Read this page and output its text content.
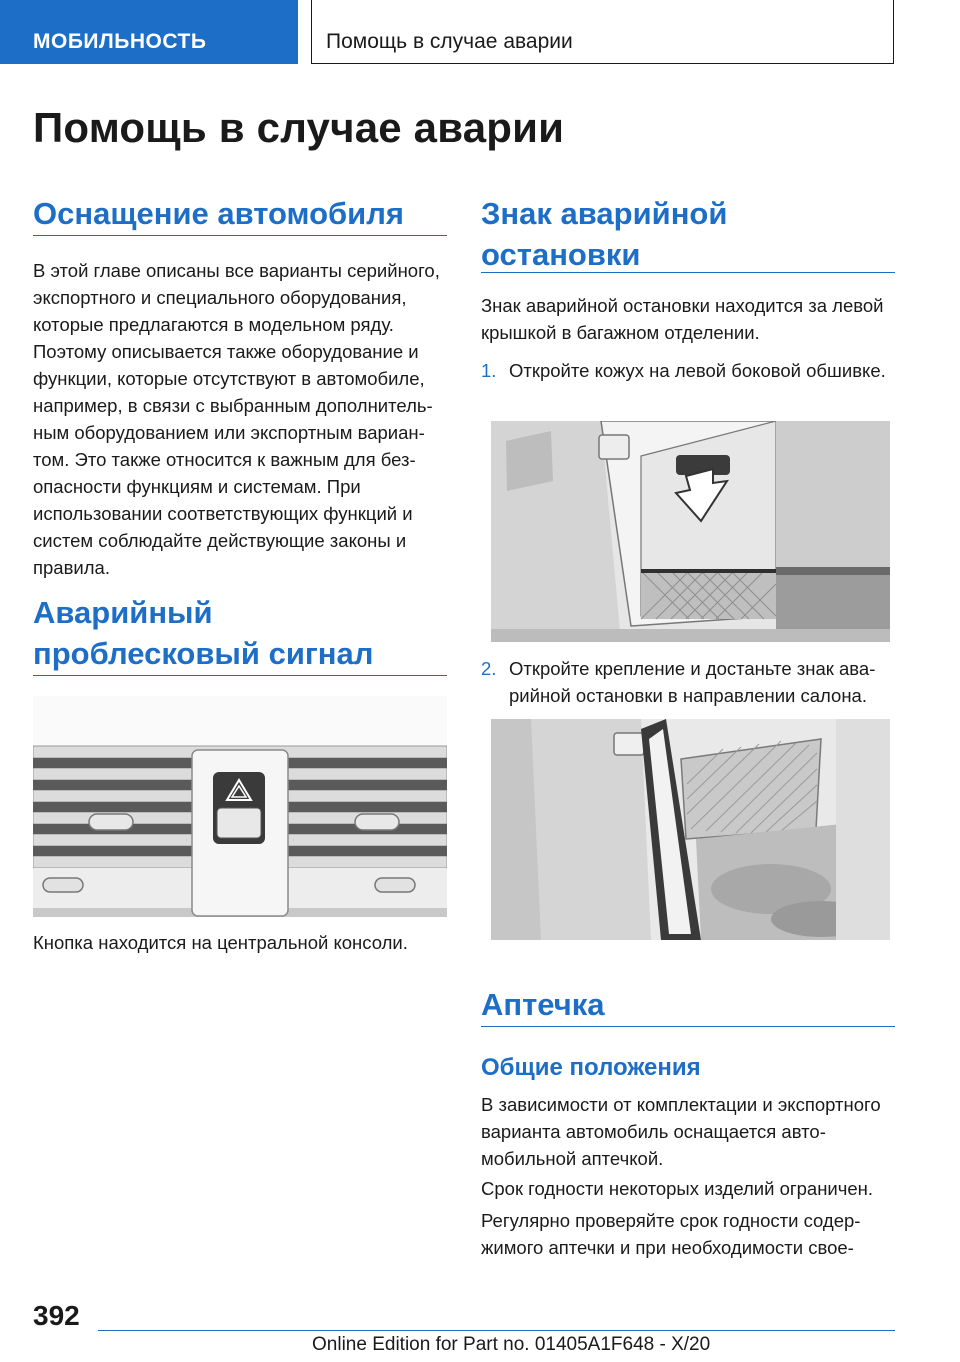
МОБИЛЬНОСТЬ	Помощь в случае аварии
Помощь в случае аварии
Оснащение автомобиля

В этой главе описаны все варианты серийного, экспортного и специального оборудования, которые предлагаются в модельном ряду. Поэтому описывается также оборудование и функции, которые отсутствуют в автомобиле, например, в связи с выбранным дополнительным оборудованием или экспортным вариантом. Это также относится к важным для безопасности функциям и системам. При использовании соответствующих функций и систем соблюдайте действующие законы и правила.

Аварийный проблесковый сигнал

Кнопка находится на центральной консоли.

Знак аварийной остановки

Знак аварийной остановки находится за левой крышкой в багажном отделении.

1. Откройте кожух на левой боковой обшивке.
2. Откройте крепление и достаньте знак аварийной остановки в направлении салона.
Аптечка
Общие положения

В зависимости от комплектации и экспортного варианта автомобиль оснащается автомобильной аптечкой.

Срок годности некоторых изделий ограничен.

Регулярно проверяйте срок годности содержимого аптечки и при необходимости свое-

392
Online Edition for Part no. 01405A1F648 - X/20
